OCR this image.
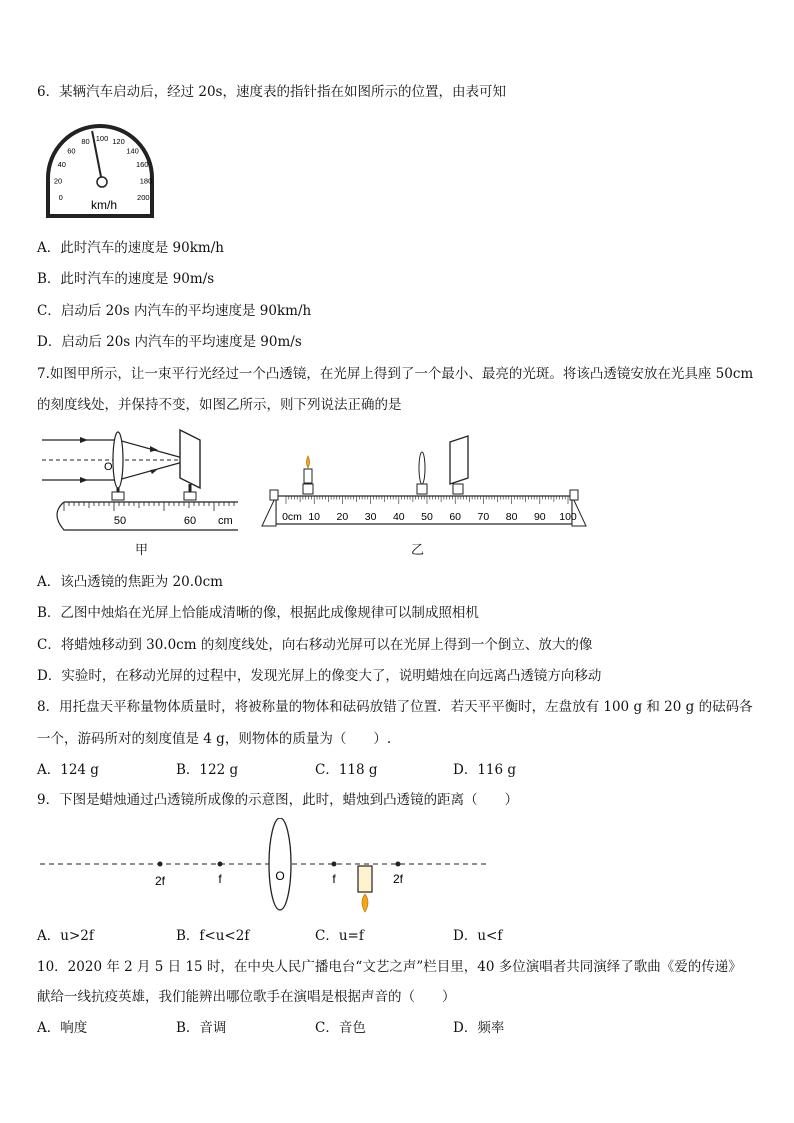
6．某辆汽车启动后，经过 20s，速度表的指针指在如图所示的位置，由表可知
0
20
40
60
80 100 120
140
160
180
200
km/h
A．此时汽车的速度是 90km/h
B．此时汽车的速度是 90m/s
C．启动后 20s 内汽车的平均速度是 90km/h
D．启动后 20s 内汽车的平均速度是 90m/s
7.如图甲所示，让一束平行光经过一个凸透镜，在光屏上得到了一个最小、最亮的光斑。将该凸透镜安放在光具座 50cm
的刻度线处，并保持不变，如图乙所示，则下列说法正确的是
O
50	60 cm
甲
0cm 10 20 30 40 50 60 70 80 90 100
乙
A．该凸透镜的焦距为 20.0cm
B．乙图中烛焰在光屏上恰能成清晰的像，根据此成像规律可以制成照相机
C．将蜡烛移动到 30.0cm 的刻度线处，向右移动光屏可以在光屏上得到一个倒立、放大的像
D．实验时，在移动光屏的过程中，发现光屏上的像变大了，说明蜡烛在向远离凸透镜方向移动
8．用托盘天平称量物体质量时，将被称量的物体和砝码放错了位置．若天平平衡时，左盘放有 100 g 和 20 g 的砝码各
一个，游码所对的刻度值是 4 g，则物体的质量为（　　）.
A．124 g	B．122 g	C．118 g	D．116 g
9．下图是蜡烛通过凸透镜所成像的示意图，此时，蜡烛到凸透镜的距离（　　）
2f	f	O	f	2f
A．u>2f	B．f<u<2f	C．u=f	D．u<f
10．2020 年 2 月 5 日 15 时，在中央人民广播电台“文艺之声”栏目里，40 多位演唱者共同演绎了歌曲《爱的传递》
献给一线抗疫英雄，我们能辨出哪位歌手在演唱是根据声音的（　　）
A．响度	B．音调	C．音色	D．频率
